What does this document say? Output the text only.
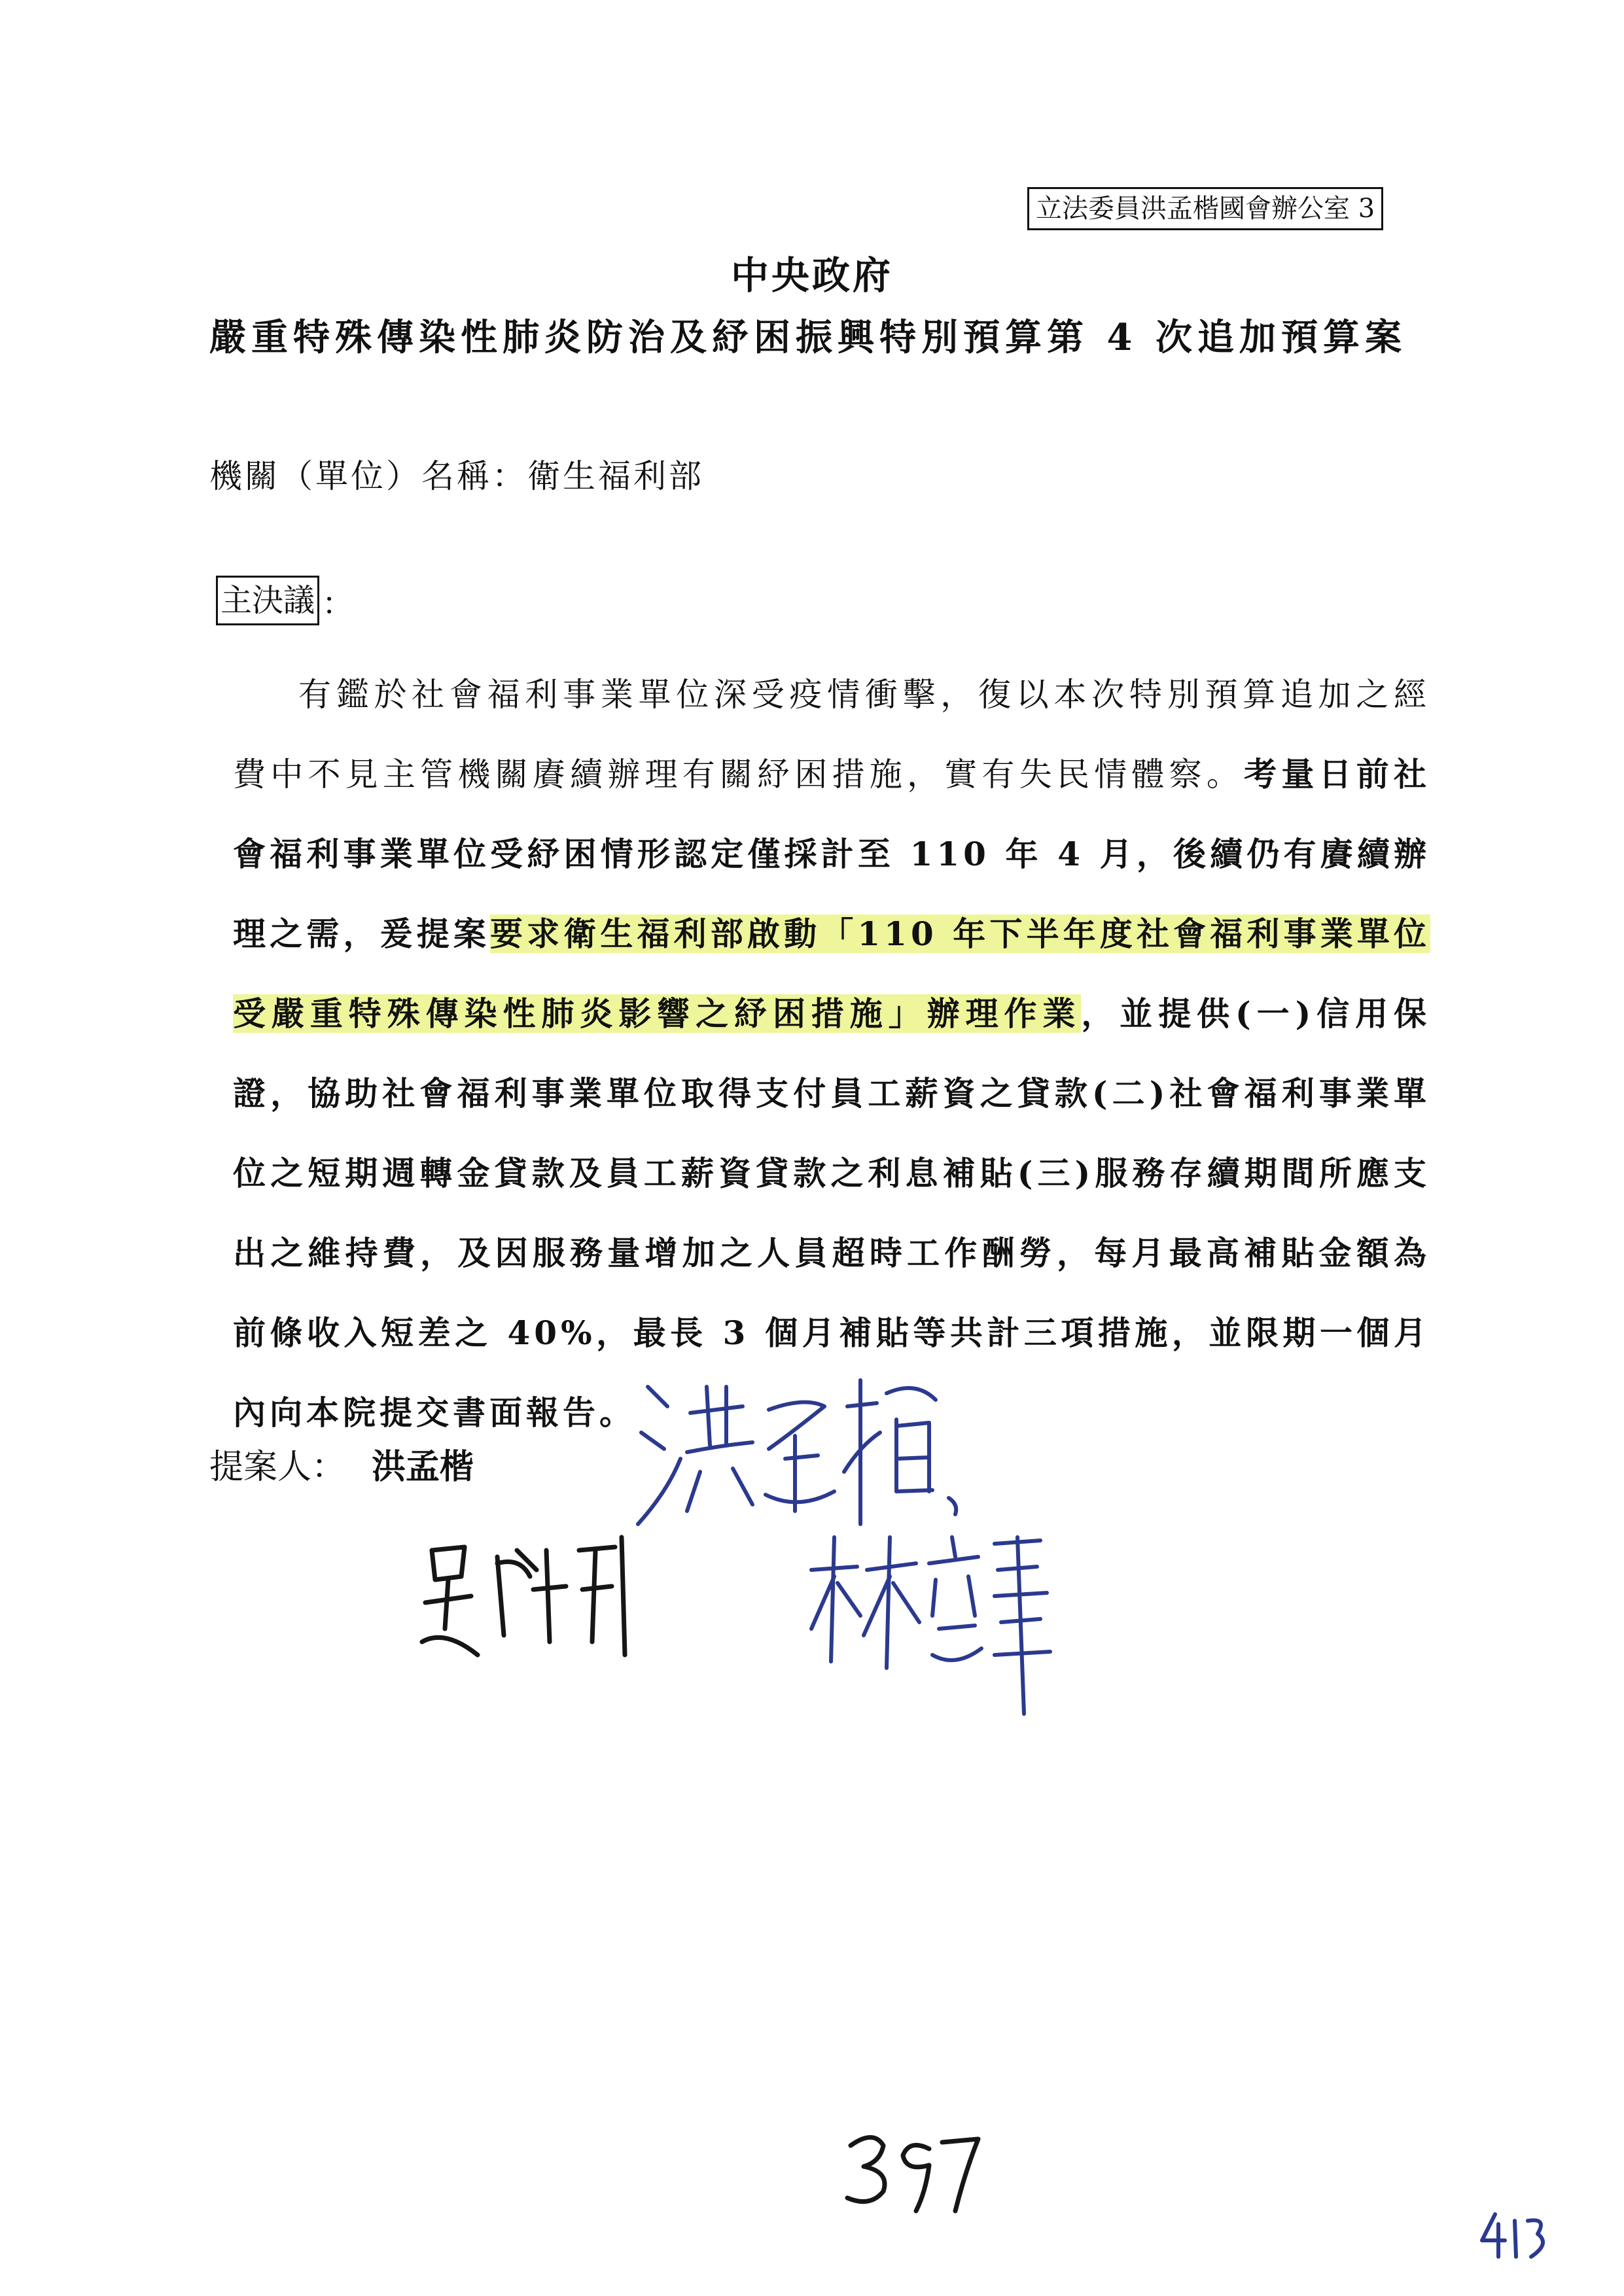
立法委員洪孟楷國會辦公室 3
中央政府
嚴重特殊傳染性肺炎防治及紓困振興特別預算第 4 次追加預算案
機關（單位）名稱：衛生福利部
主決議 ：

有鑑於社會福利事業單位深受疫情衝擊，復以本次特別預算追加之經費中不見主管機關賡續辦理有關紓困措施，實有失民情體察。考量日前社會福利事業單位受紓困情形認定僅採計至 110 年 4 月，後續仍有賡續辦理之需，爰提案要求衛生福利部啟動「110 年下半年度社會福利事業單位受嚴重特殊傳染性肺炎影響之紓困措施」辦理作業，並提供(一)信用保證，協助社會福利事業單位取得支付員工薪資之貸款(二)社會福利事業單位之短期週轉金貸款及員工薪資貸款之利息補貼(三)服務存續期間所應支出之維持費，及因服務量增加之人員超時工作酬勞，每月最高補貼金額為前條收入短差之 40%，最長 3 個月補貼等共計三項措施，並限期一個月內向本院提交書面報告。

提案人： 洪孟楷
